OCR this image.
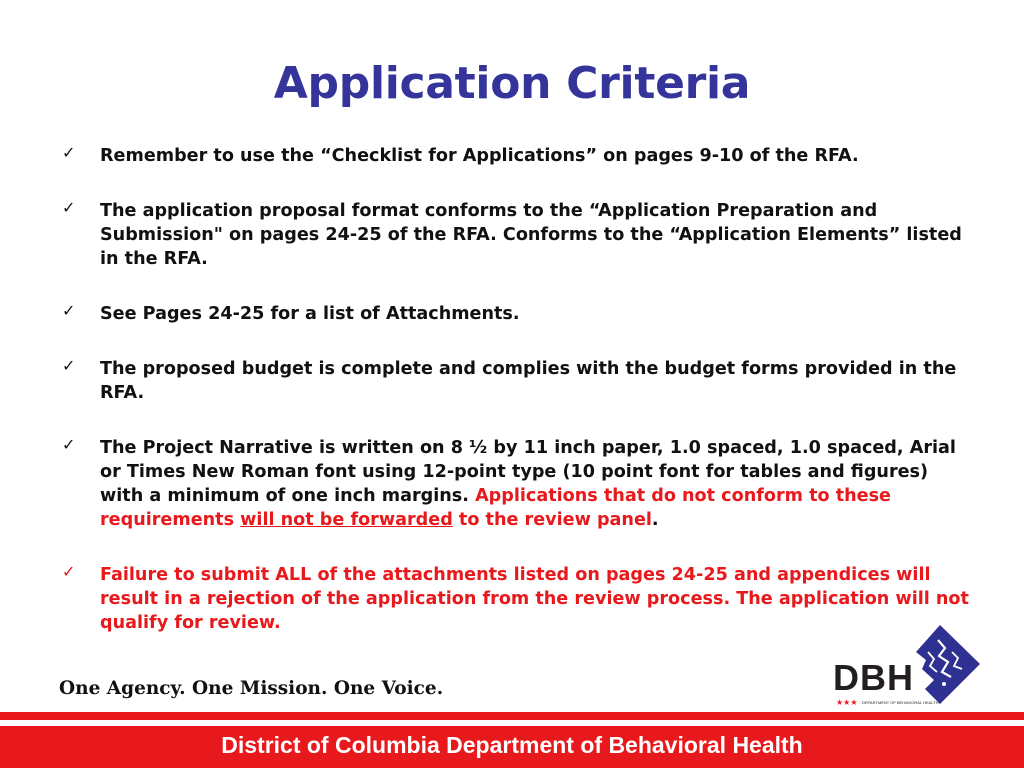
Application Criteria
✓ Remember to use the “Checklist for Applications” on pages 9-10 of the RFA.
✓ The application proposal format conforms to the “Application Preparation and Submission" on pages 24-25 of the RFA. Conforms to the “Application Elements” listed in the RFA.
✓ See Pages 24-25 for a list of Attachments.
✓ The proposed budget is complete and complies with the budget forms provided in the RFA.
✓ The Project Narrative is written on 8 ½ by 11 inch paper, 1.0 spaced, 1.0 spaced, Arial or Times New Roman font using 12-point type (10 point font for tables and figures) with a minimum of one inch margins. Applications that do not conform to these requirements will not be forwarded to the review panel.
✓ Failure to submit ALL of the attachments listed on pages 24-25 and appendices will result in a rejection of the application from the review process. The application will not qualify for review.
One Agency. One Mission. One Voice.
★★★
DBH
DEPARTMENT OF BEHAVIORAL HEALTH
District of Columbia Department of Behavioral Health
